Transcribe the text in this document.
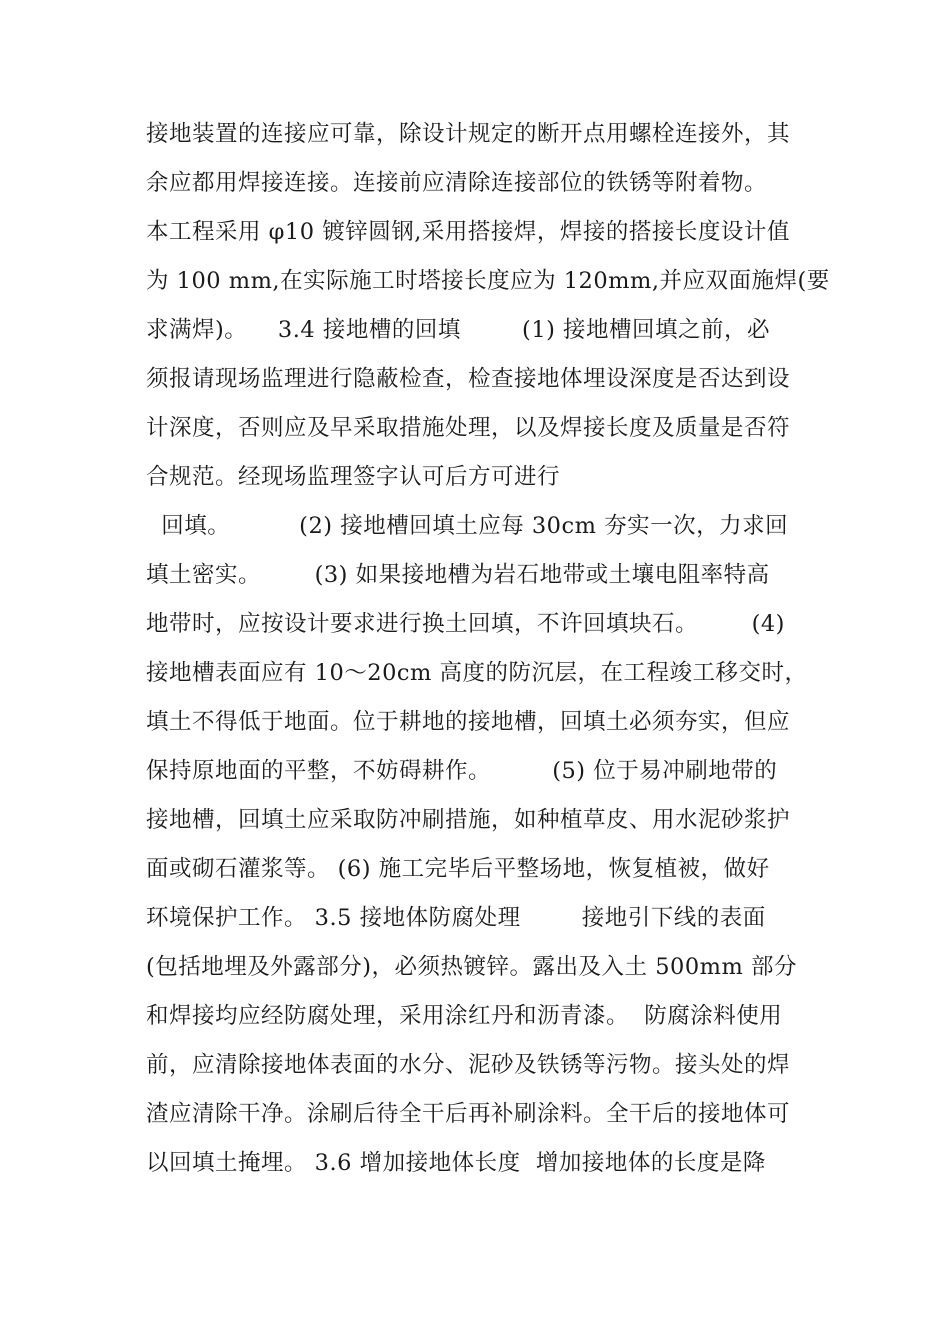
接地装置的连接应可靠，除设计规定的断开点用螺栓连接外，其
余应都用焊接连接。连接前应清除连接部位的铁锈等附着物。
本工程采用 φ10 镀锌圆钢,采用搭接焊，焊接的搭接长度设计值
为 100 mm,在实际施工时塔接长度应为 120mm,并应双面施焊(要
求满焊)。    3.4 接地槽的回填        (1) 接地槽回填之前，必
须报请现场监理进行隐蔽检查，检查接地体埋设深度是否达到设
计深度，否则应及早采取措施处理，以及焊接长度及质量是否符
合规范。经现场监理签字认可后方可进行
回填。         (2) 接地槽回填土应每 30cm 夯实一次，力求回
填土密实。       (3) 如果接地槽为岩石地带或土壤电阻率特高
地带时，应按设计要求进行换土回填，不许回填块石。       (4)
接地槽表面应有 10～20cm 高度的防沉层，在工程竣工移交时，
填土不得低于地面。位于耕地的接地槽，回填土必须夯实，但应
保持原地面的平整，不妨碍耕作。        (5) 位于易冲刷地带的
接地槽，回填土应采取防冲刷措施，如种植草皮、用水泥砂浆护
面或砌石灌浆等。 (6) 施工完毕后平整场地，恢复植被，做好
环境保护工作。 3.5 接地体防腐处理        接地引下线的表面
(包括地埋及外露部分)，必须热镀锌。露出及入土 500mm 部分
和焊接均应经防腐处理，采用涂红丹和沥青漆。  防腐涂料使用
前，应清除接地体表面的水分、泥砂及铁锈等污物。接头处的焊
渣应清除干净。涂刷后待全干后再补刷涂料。全干后的接地体可
以回填土掩埋。 3.6 增加接地体长度  增加接地体的长度是降
